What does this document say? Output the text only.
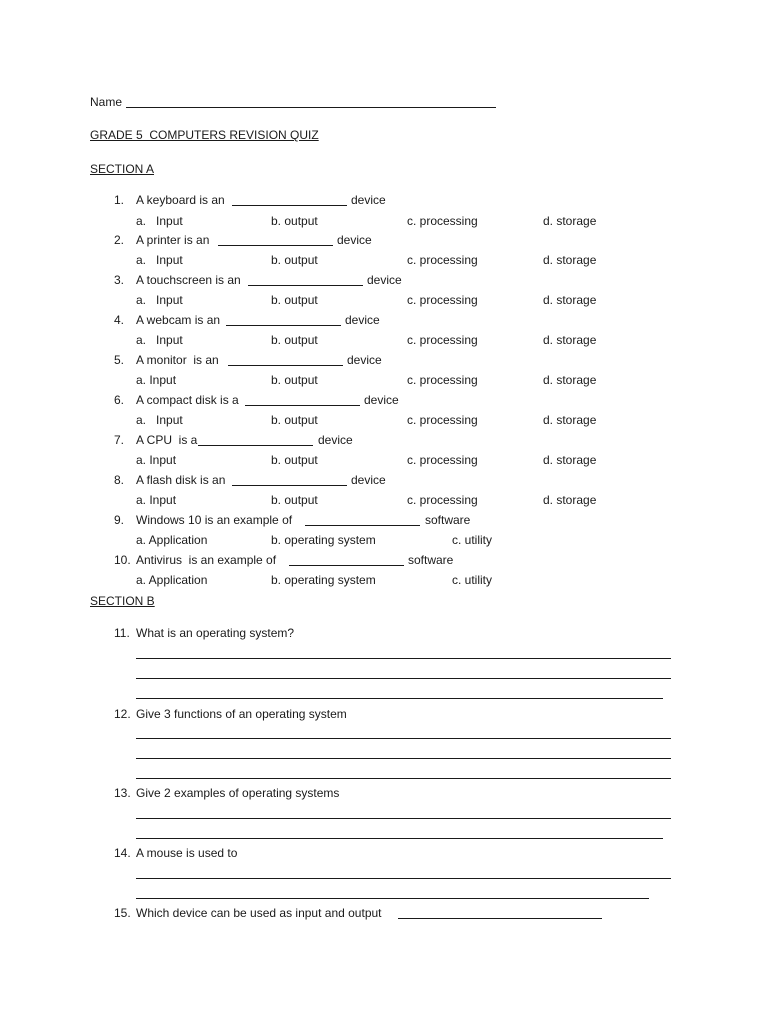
Name
GRADE 5  COMPUTERS REVISION QUIZ
SECTION A
1. A keyboard is an	device
a.   Input	b. output	c. processing	d. storage
2. A printer is an	device
a.   Input	b. output	c. processing	d. storage
3. A touchscreen is an	device
a.   Input	b. output	c. processing	d. storage
4. A webcam is an	device
a.   Input	b. output	c. processing	d. storage
5. A monitor  is an	device
a. Input	b. output	c. processing	d. storage
6. A compact disk is a	device
a.   Input	b. output	c. processing	d. storage
7. A CPU  is a	device
a. Input	b. output	c. processing	d. storage
8. A flash disk is an	device
a. Input	b. output	c. processing	d. storage
9. Windows 10 is an example of	software
a. Application	b. operating system	c. utility
10. Antivirus  is an example of	software
a. Application	b. operating system	c. utility
SECTION B
11. What is an operating system?
12. Give 3 functions of an operating system
13. Give 2 examples of operating systems
14. A mouse is used to
15. Which device can be used as input and output
